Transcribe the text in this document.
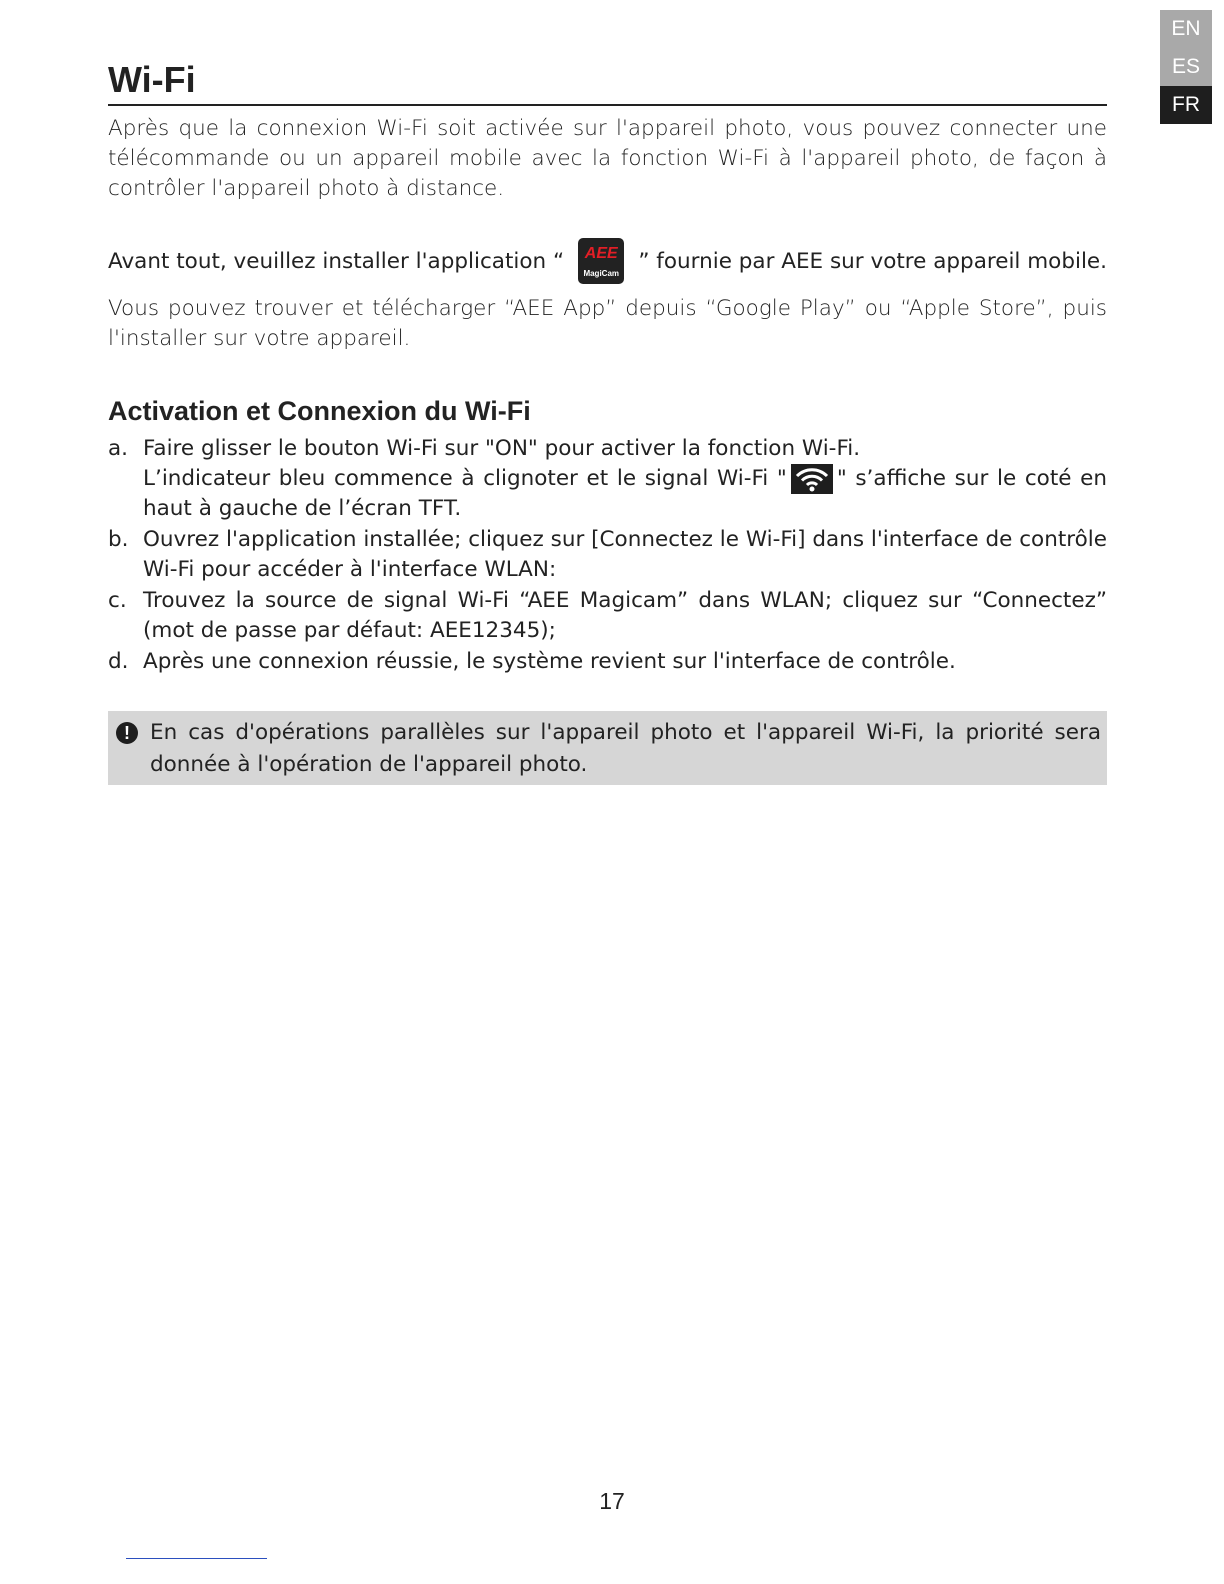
EN
ES
FR
Wi-Fi

Après que la connexion Wi-Fi soit activée sur l'appareil photo, vous pouvez connecter une télécommande ou un appareil mobile avec la fonction Wi-Fi à l'appareil photo, de façon à contrôler l'appareil photo à distance.

Avant tout, veuillez installer l'application “	AEE
MagiCam ” fournie par AEE sur votre appareil mobile.

Vous pouvez trouver et télécharger “AEE App” depuis “Google Play” ou “Apple Store”, puis l'installer sur votre appareil.

Activation et Connexion du Wi-Fi
a. Faire glisser le bouton Wi-Fi sur "ON" pour activer la fonction Wi-Fi.
L’indicateur bleu commence à clignoter et le signal Wi-Fi " " s’affiche sur le coté en haut à gauche de l’écran TFT.
b. Ouvrez l'application installée; cliquez sur [Connectez le Wi-Fi] dans l'interface de contrôle Wi-Fi pour accéder à l'interface WLAN:
c. Trouvez la source de signal Wi-Fi “AEE Magicam” dans WLAN; cliquez sur “Connectez” (mot de passe par défaut: AEE12345);
d. Après une connexion réussie, le système revient sur l'interface de contrôle.
! En cas d'opérations parallèles sur l'appareil photo et l'appareil Wi-Fi, la priorité sera donnée à l'opération de l'appareil photo.
17
